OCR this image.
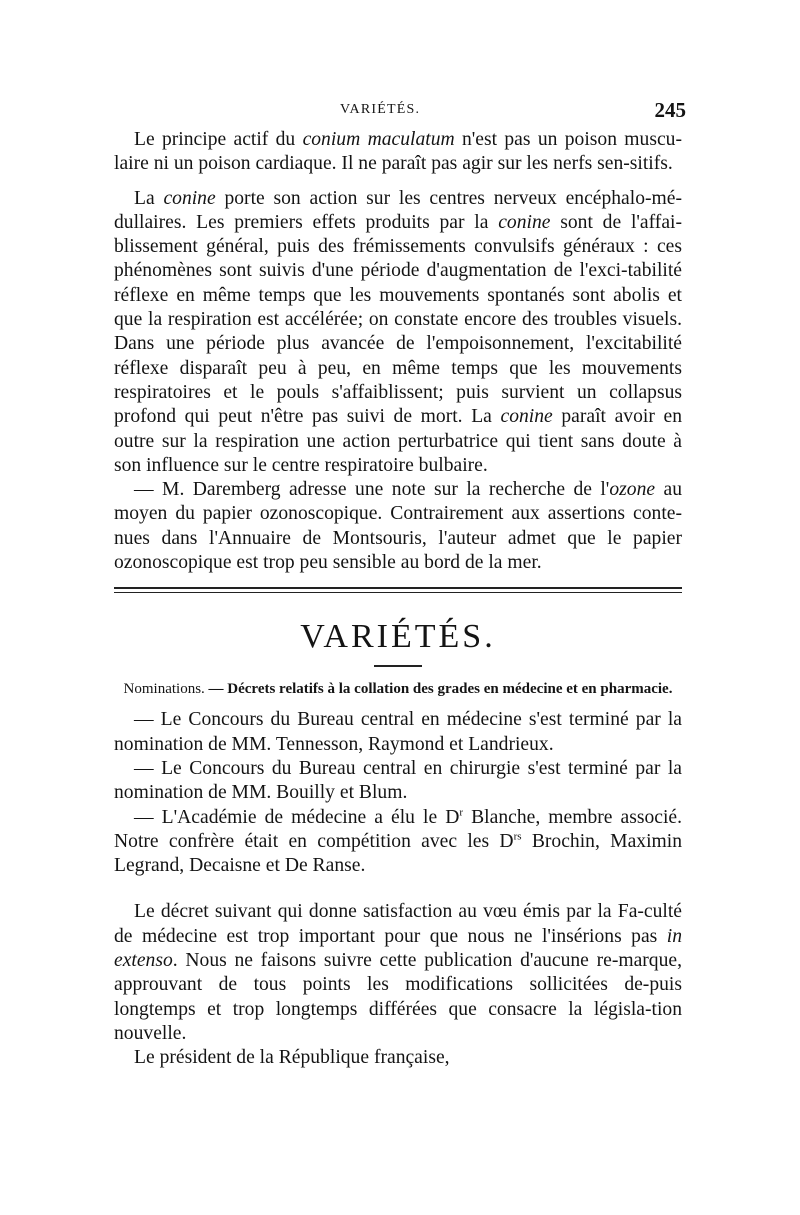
VARIÉTÉS.	245

Le principe actif du conium maculatum n'est pas un poison muscu-laire ni un poison cardiaque. Il ne paraît pas agir sur les nerfs sen-sitifs.

La conine porte son action sur les centres nerveux encéphalo-mé-dullaires. Les premiers effets produits par la conine sont de l'affai-blissement général, puis des frémissements convulsifs généraux : ces phénomènes sont suivis d'une période d'augmentation de l'exci-tabilité réflexe en même temps que les mouvements spontanés sont abolis et que la respiration est accélérée; on constate encore des troubles visuels. Dans une période plus avancée de l'empoisonnement, l'excitabilité réflexe disparaît peu à peu, en même temps que les mouvements respiratoires et le pouls s'affaiblissent; puis survient un collapsus profond qui peut n'être pas suivi de mort. La conine paraît avoir en outre sur la respiration une action perturbatrice qui tient sans doute à son influence sur le centre respiratoire bulbaire.

— M. Daremberg adresse une note sur la recherche de l'ozone au moyen du papier ozonoscopique. Contrairement aux assertions conte-nues dans l'Annuaire de Montsouris, l'auteur admet que le papier ozonoscopique est trop peu sensible au bord de la mer.

VARIÉTÉS.
Nominations. — Décrets relatifs à la collation des grades en médecine et en pharmacie.

— Le Concours du Bureau central en médecine s'est terminé par la nomination de MM. Tennesson, Raymond et Landrieux.

— Le Concours du Bureau central en chirurgie s'est terminé par la nomination de MM. Bouilly et Blum.

— L'Académie de médecine a élu le $D^r$ Blanche, membre associé. Notre confrère était en compétition avec les $D^{rs}$ Brochin, Maximin Legrand, Decaisne et De Ranse.

Le décret suivant qui donne satisfaction au vœu émis par la Fa-culté de médecine est trop important pour que nous ne l'insérions pas in extenso. Nous ne faisons suivre cette publication d'aucune re-marque, approuvant de tous points les modifications sollicitées de-puis longtemps et trop longtemps différées que consacre la législa-tion nouvelle.

Le président de la République française,
